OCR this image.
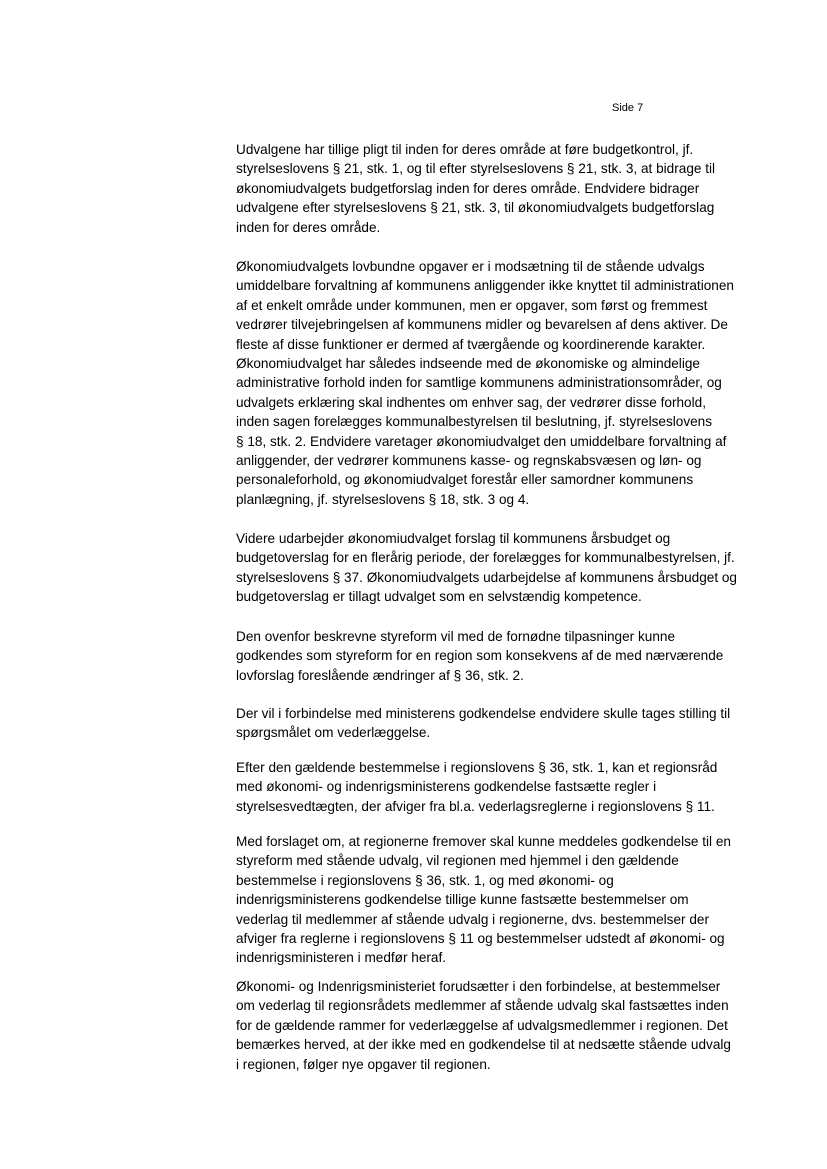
Side 7

Udvalgene har tillige pligt til inden for deres område at føre budgetkontrol, jf.
styrelseslovens § 21, stk. 1, og til efter styrelseslovens § 21, stk. 3, at bidrage til
økonomiudvalgets budgetforslag inden for deres område. Endvidere bidrager
udvalgene efter styrelseslovens § 21, stk. 3, til økonomiudvalgets budgetforslag
inden for deres område.

Økonomiudvalgets lovbundne opgaver er i modsætning til de stående udvalgs
umiddelbare forvaltning af kommunens anliggender ikke knyttet til administrationen
af et enkelt område under kommunen, men er opgaver, som først og fremmest
vedrører tilvejebringelsen af kommunens midler og bevarelsen af dens aktiver. De
fleste af disse funktioner er dermed af tværgående og koordinerende karakter.
Økonomiudvalget har således indseende med de økonomiske og almindelige
administrative forhold inden for samtlige kommunens administrationsområder, og
udvalgets erklæring skal indhentes om enhver sag, der vedrører disse forhold,
inden sagen forelægges kommunalbestyrelsen til beslutning, jf. styrelseslovens
§ 18, stk. 2. Endvidere varetager økonomiudvalget den umiddelbare forvaltning af
anliggender, der vedrører kommunens kasse- og regnskabsvæsen og løn- og
personaleforhold, og økonomiudvalget forestår eller samordner kommunens
planlægning, jf. styrelseslovens § 18, stk. 3 og 4.

Videre udarbejder økonomiudvalget forslag til kommunens årsbudget og
budgetoverslag for en flerårig periode, der forelægges for kommunalbestyrelsen, jf.
styrelseslovens § 37. Økonomiudvalgets udarbejdelse af kommunens årsbudget og
budgetoverslag er tillagt udvalget som en selvstændig kompetence.

Den ovenfor beskrevne styreform vil med de fornødne tilpasninger kunne
godkendes som styreform for en region som konsekvens af de med nærværende
lovforslag foreslående ændringer af § 36, stk. 2.

Der vil i forbindelse med ministerens godkendelse endvidere skulle tages stilling til
spørgsmålet om vederlæggelse.

Efter den gældende bestemmelse i regionslovens § 36, stk. 1, kan et regionsråd
med økonomi- og indenrigsministerens godkendelse fastsætte regler i
styrelsesvedtægten, der afviger fra bl.a. vederlagsreglerne i regionslovens § 11.

Med forslaget om, at regionerne fremover skal kunne meddeles godkendelse til en
styreform med stående udvalg, vil regionen med hjemmel i den gældende
bestemmelse i regionslovens § 36, stk. 1, og med økonomi- og
indenrigsministerens godkendelse tillige kunne fastsætte bestemmelser om
vederlag til medlemmer af stående udvalg i regionerne, dvs. bestemmelser der
afviger fra reglerne i regionslovens § 11 og bestemmelser udstedt af økonomi- og
indenrigsministeren i medfør heraf.

Økonomi- og Indenrigsministeriet forudsætter i den forbindelse, at bestemmelser
om vederlag til regionsrådets medlemmer af stående udvalg skal fastsættes inden
for de gældende rammer for vederlæggelse af udvalgsmedlemmer i regionen. Det
bemærkes herved, at der ikke med en godkendelse til at nedsætte stående udvalg
i regionen, følger nye opgaver til regionen.
